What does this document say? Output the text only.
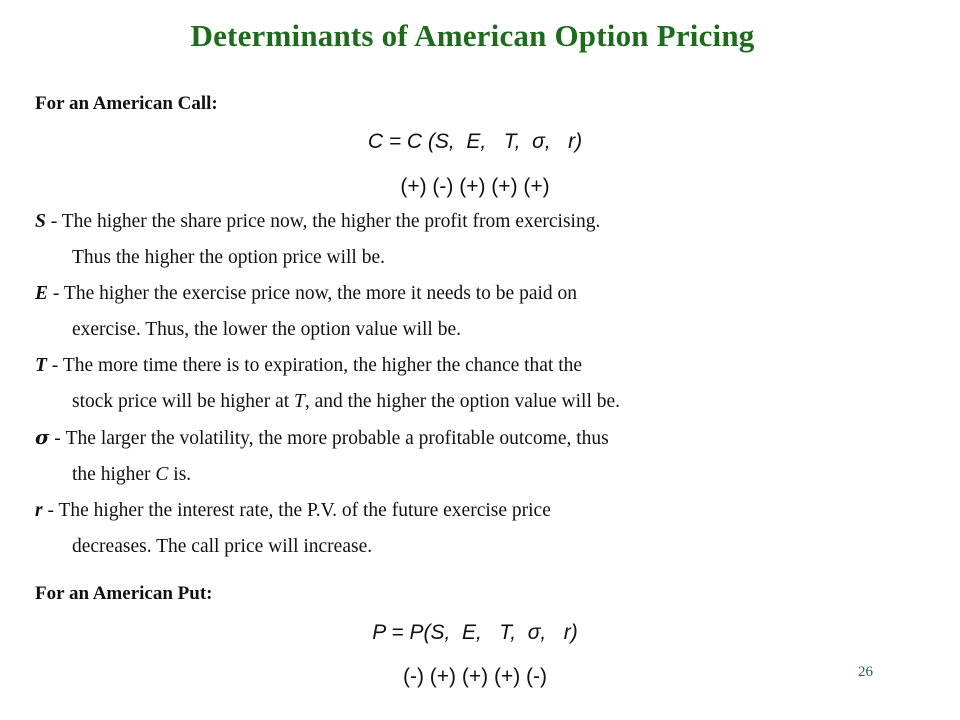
Determinants of American Option Pricing
For an American Call:
C = C (S,  E,   T,  σ,   r)
(+) (-) (+) (+) (+)
S - The higher the share price now, the higher the profit from exercising.
Thus the higher the option price will be.
E - The higher the exercise price now, the more it needs to be paid on
exercise. Thus, the lower the option value will be.
T - The more time there is to expiration, the higher the chance that the
stock price will be higher at T, and the higher the option value will be.
σ - The larger the volatility, the more probable a profitable outcome, thus
the higher C is.
r - The higher the interest rate, the P.V. of the future exercise price
decreases. The call price will increase.
For an American Put:
P = P(S,  E,   T,  σ,   r)
(-) (+) (+) (+) (-)	26
